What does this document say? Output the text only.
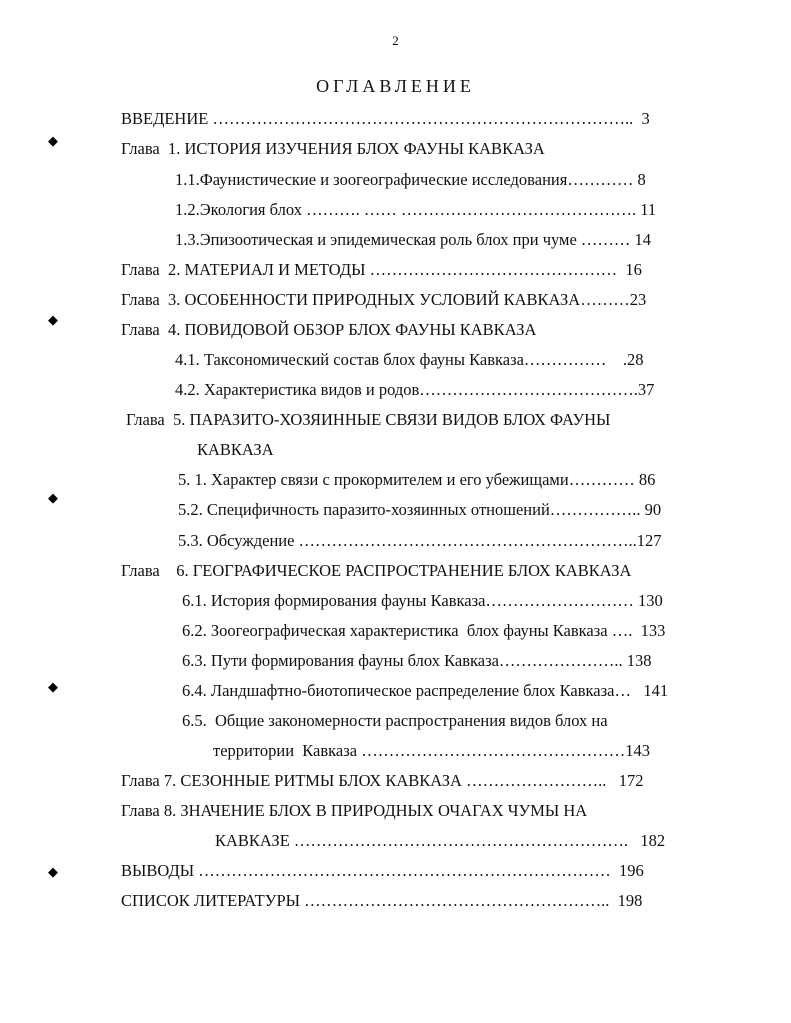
2
ОГЛАВЛЕНИЕ
ВВЕДЕНИЕ …………………………………………………………………..  3
Глава  1. ИСТОРИЯ ИЗУЧЕНИЯ БЛОХ ФАУНЫ КАВКАЗА
1.1.Фаунистические и зоогеографические исследования………… 8
1.2.Экология блох ………. …… ……………………………………. 11
1.3.Эпизоотическая и эпидемическая роль блох при чуме ……… 14
Глава  2. МАТЕРИАЛ И МЕТОДЫ ………………………………………  16
Глава  3. ОСОБЕННОСТИ ПРИРОДНЫХ УСЛОВИЙ КАВКАЗА………23
Глава  4. ПОВИДОВОЙ ОБЗОР БЛОХ ФАУНЫ КАВКАЗА
4.1. Таксономический состав блох фауны Кавказа……………    .28
4.2. Характеристика видов и родов………………………………….37
Глава  5. ПАРАЗИТО-ХОЗЯИННЫЕ СВЯЗИ ВИДОВ БЛОХ ФАУНЫ
КАВКАЗА
5. 1. Характер связи с прокормителем и его убежищами………… 86
5.2. Специфичность паразито-хозяинных отношений…………….. 90
5.3. Обсуждение ……………………………………………………..127
Глава    6. ГЕОГРАФИЧЕСКОЕ РАСПРОСТРАНЕНИЕ БЛОХ КАВКАЗА
6.1. История формирования фауны Кавказа……………………… 130
6.2. Зоогеографическая характеристика  блох фауны Кавказа ….  133
6.3. Пути формирования фауны блох Кавказа………………….. 138
6.4. Ландшафтно-биотопическое распределение блох Кавказа…   141
6.5.  Общие закономерности распространения видов блох на
территории  Кавказа …………………………………………143
Глава 7. СЕЗОННЫЕ РИТМЫ БЛОХ КАВКАЗА ……………………..   172
Глава 8. ЗНАЧЕНИЕ БЛОХ В ПРИРОДНЫХ ОЧАГАХ ЧУМЫ НА
КАВКАЗЕ …………………………………………………….   182
ВЫВОДЫ …………………………………………………………………  196
СПИСОК ЛИТЕРАТУРЫ ………………………………………………..  198
◆
◆
◆
◆
◆
